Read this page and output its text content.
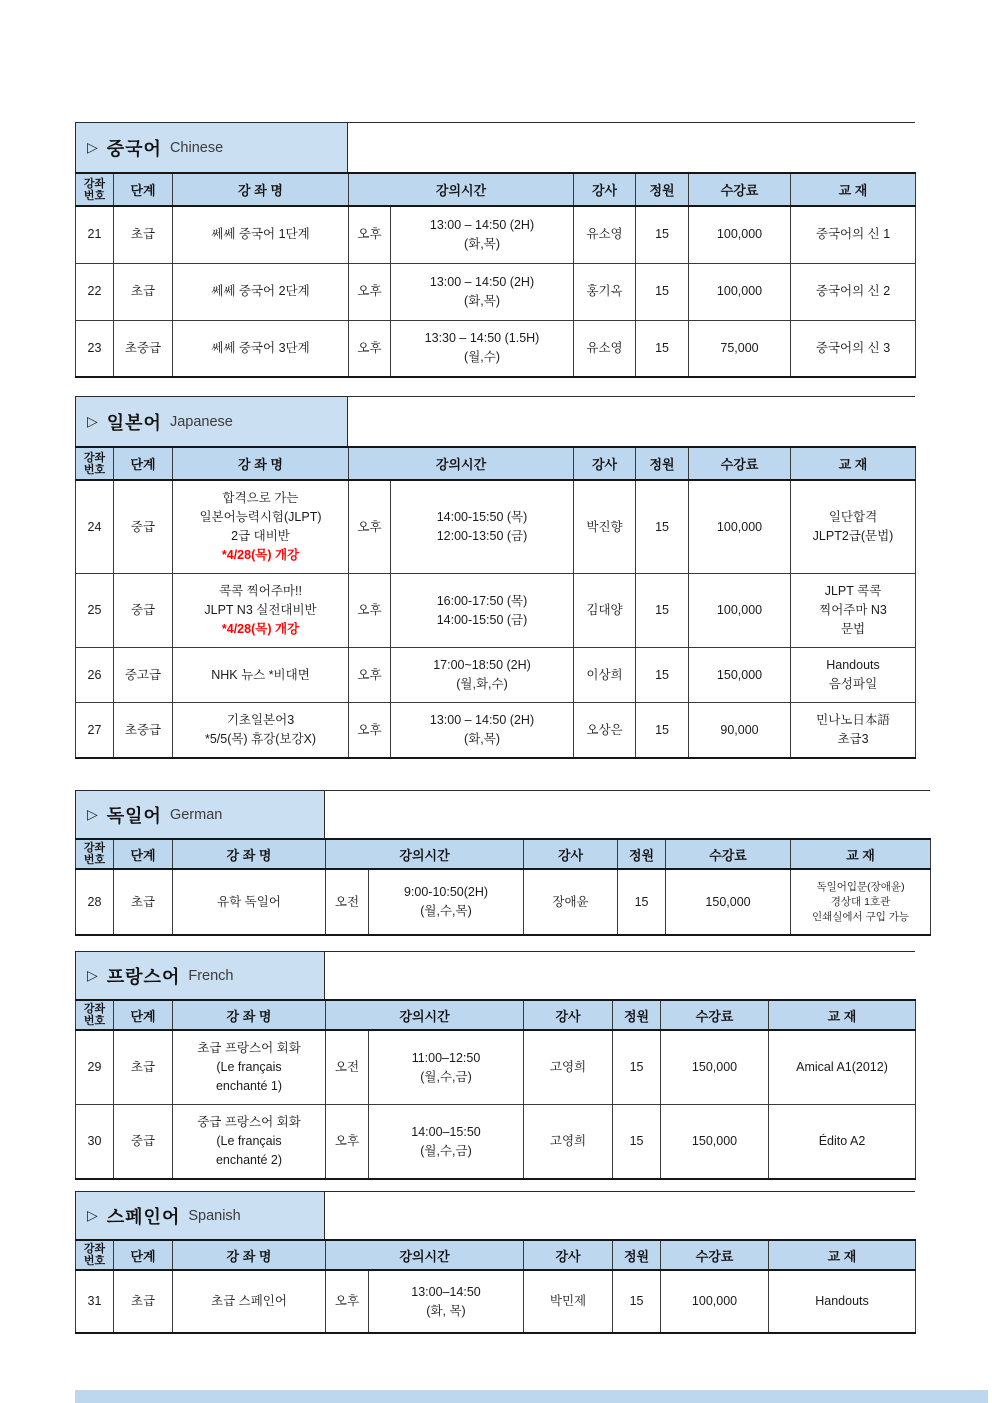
▷ 중국어 Chinese
강좌
번호	단계	강 좌 명	강의시간		강사	정원	수강료	교 재
21	초급	쎄쎄 중국어 1단계	오후	13:00 – 14:50 (2H)
(화,목)	유소영	15	100,000	중국어의 신 1

22	초급	쎄쎄 중국어 2단계	오후	13:00 – 14:50 (2H)
(화,목)	홍기옥	15	100,000	중국어의 신 2

23	초중급	쎄쎄 중국어 3단계	오후	13:30 – 14:50 (1.5H)
(월,수)	유소영	15	75,000	중국어의 신 3
▷ 일본어 Japanese
강좌
번호	단계	강 좌 명	강의시간		강사	정원	수강료	교 재
24	중급	합격으로 가는
일본어능력시험(JLPT)
2급 대비반
*4/28(목) 개강	오후	14:00-15:50 (목)
12:00-13:50 (금)	박진향	15	100,000	일단합격
JLPT2급(문법)

25	중급	콕콕 찍어주마!!
JLPT N3 실전대비반
*4/28(목) 개강	오후	16:00-17:50 (목)
14:00-15:50 (금)	김대양	15	100,000	JLPT 콕콕
찍어주마 N3
문법

26	중고급	NHK 뉴스 *비대면	오후	17:00~18:50 (2H)
(월,화,수)	이상희	15	150,000	Handouts
음성파일

27	초중급	기초일본어3
*5/5(목) 휴강(보강X)	오후	13:00 – 14:50 (2H)
(화,목)	오상은	15	90,000	민나노日本語
초급3
▷ 독일어 German
강좌
번호	단계	강 좌 명	강의시간		강사	정원	수강료	교 재
28	초급	유학 독일어	오전	9:00-10:50(2H)
(월,수,목)	장애윤	15	150,000	독일어입문(장애윤)
경상대 1호관
인쇄실에서 구입 가능
▷ 프랑스어 French
강좌
번호	단계	강 좌 명	강의시간		강사	정원	수강료	교 재
29	초급	초급 프랑스어 회화
(Le français
enchanté 1)	오전	11:00–12:50
(월,수,금)	고영희	15	150,000	Amical A1(2012)

30	중급	중급 프랑스어 회화
(Le français
enchanté 2)	오후	14:00–15:50
(월,수,금)	고영희	15	150,000	Édito A2
▷ 스페인어 Spanish
강좌
번호	단계	강 좌 명	강의시간		강사	정원	수강료	교 재
31	초급	초급 스페인어	오후	13:00–14:50
(화, 목)	박민제	15	100,000	Handouts
